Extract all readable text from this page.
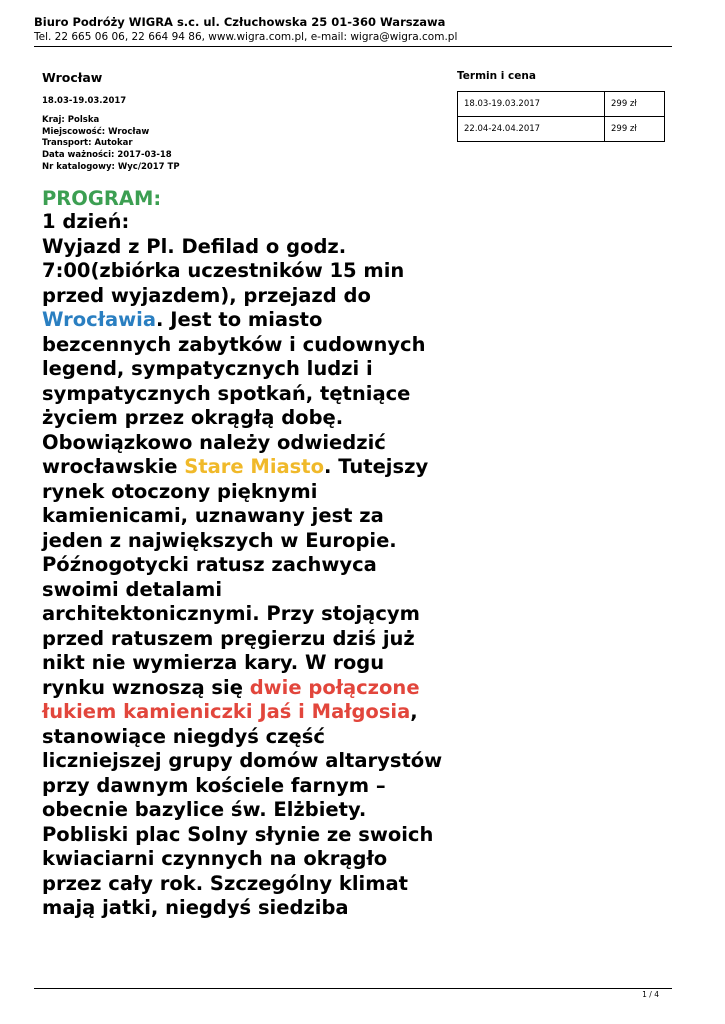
Biuro Podróży WIGRA s.c. ul. Człuchowska 25 01-360 Warszawa
Tel. 22 665 06 06, 22 664 94 86, www.wigra.com.pl, e-mail: wigra@wigra.com.pl
Wrocław
18.03-19.03.2017
Kraj: Polska
Miejscowość: Wrocław
Transport: Autokar
Data ważności: 2017-03-18
Nr katalogowy: Wyc/2017 TP
Termin i cena
18.03-19.03.2017	299 zł
22.04-24.04.2017	299 zł
PROGRAM:
1 dzień:
Wyjazd z Pl. Defilad o godz.
7:00(zbiórka uczestników 15 min
przed wyjazdem), przejazd do
Wrocławia. Jest to miasto
bezcennych zabytków i cudownych
legend, sympatycznych ludzi i
sympatycznych spotkań, tętniące
życiem przez okrągłą dobę.
Obowiązkowo należy odwiedzić
wrocławskie Stare Miasto. Tutejszy
rynek otoczony pięknymi
kamienicami, uznawany jest za
jeden z największych w Europie.
Późnogotycki ratusz zachwyca
swoimi detalami
architektonicznymi. Przy stojącym
przed ratuszem pręgierzu dziś już
nikt nie wymierza kary. W rogu
rynku wznoszą się dwie połączone
łukiem kamieniczki Jaś i Małgosia,
stanowiące niegdyś część
liczniejszej grupy domów altarystów
przy dawnym kościele farnym –
obecnie bazylice św. Elżbiety.
Pobliski plac Solny słynie ze swoich
kwiaciarni czynnych na okrągło
przez cały rok. Szczególny klimat
mają jatki, niegdyś siedziba
1 / 4
